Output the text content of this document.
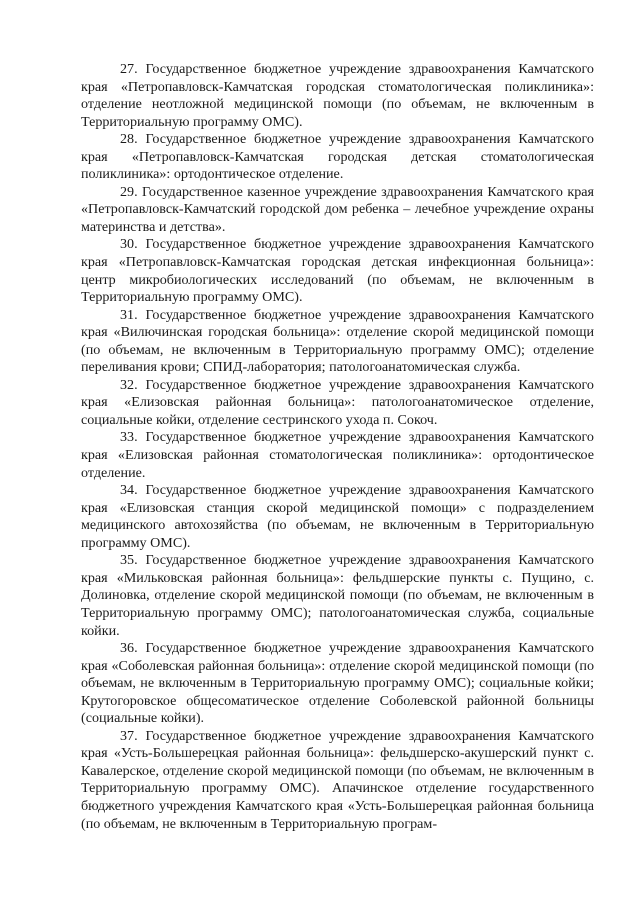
27. Государственное бюджетное учреждение здравоохранения Камчатского края «Петропавловск-Камчатская городская стоматологическая поликлиника»: отделение неотложной медицинской помощи (по объемам, не включенным в Территориальную программу ОМС).

28. Государственное бюджетное учреждение здравоохранения Камчатского края «Петропавловск-Камчатская городская детская стоматологическая поликлиника»: ортодонтическое отделение.

29. Государственное казенное учреждение здравоохранения Камчатского края «Петропавловск-Камчатский городской дом ребенка – лечебное учреждение охраны материнства и детства».

30. Государственное бюджетное учреждение здравоохранения Камчатского края «Петропавловск-Камчатская городская детская инфекционная больница»: центр микробиологических исследований (по объемам, не включенным в Территориальную программу ОМС).

31. Государственное бюджетное учреждение здравоохранения Камчатского края «Вилючинская городская больница»: отделение скорой медицинской помощи (по объемам, не включенным в Территориальную программу ОМС); отделение переливания крови; СПИД-лаборатория; патологоанатомическая служба.

32. Государственное бюджетное учреждение здравоохранения Камчатского края «Елизовская районная больница»: патологоанатомическое отделение, социальные койки, отделение сестринского ухода п. Сокоч.

33. Государственное бюджетное учреждение здравоохранения Камчатского края «Елизовская районная стоматологическая поликлиника»: ортодонтическое отделение.

34. Государственное бюджетное учреждение здравоохранения Камчатского края «Елизовская станция скорой медицинской помощи» с подразделением медицинского автохозяйства (по объемам, не включенным в Территориальную программу ОМС).

35. Государственное бюджетное учреждение здравоохранения Камчатского края «Мильковская районная больница»: фельдшерские пункты с. Пущино, с. Долиновка, отделение скорой медицинской помощи (по объемам, не включенным в Территориальную программу ОМС); патологоанатомическая служба, социальные койки.

36. Государственное бюджетное учреждение здравоохранения Камчатского края «Соболевская районная больница»: отделение скорой медицинской помощи (по объемам, не включенным в Территориальную программу ОМС); социальные койки; Крутогоровское общесоматическое отделение Соболевской районной больницы (социальные койки).

37. Государственное бюджетное учреждение здравоохранения Камчатского края «Усть-Большерецкая районная больница»: фельдшерско-акушерский пункт с. Кавалерское, отделение скорой медицинской помощи (по объемам, не включенным в Территориальную программу ОМС). Апачинское отделение государственного бюджетного учреждения Камчатского края «Усть-Большерецкая районная больница (по объемам, не включенным в Территориальную програм-
